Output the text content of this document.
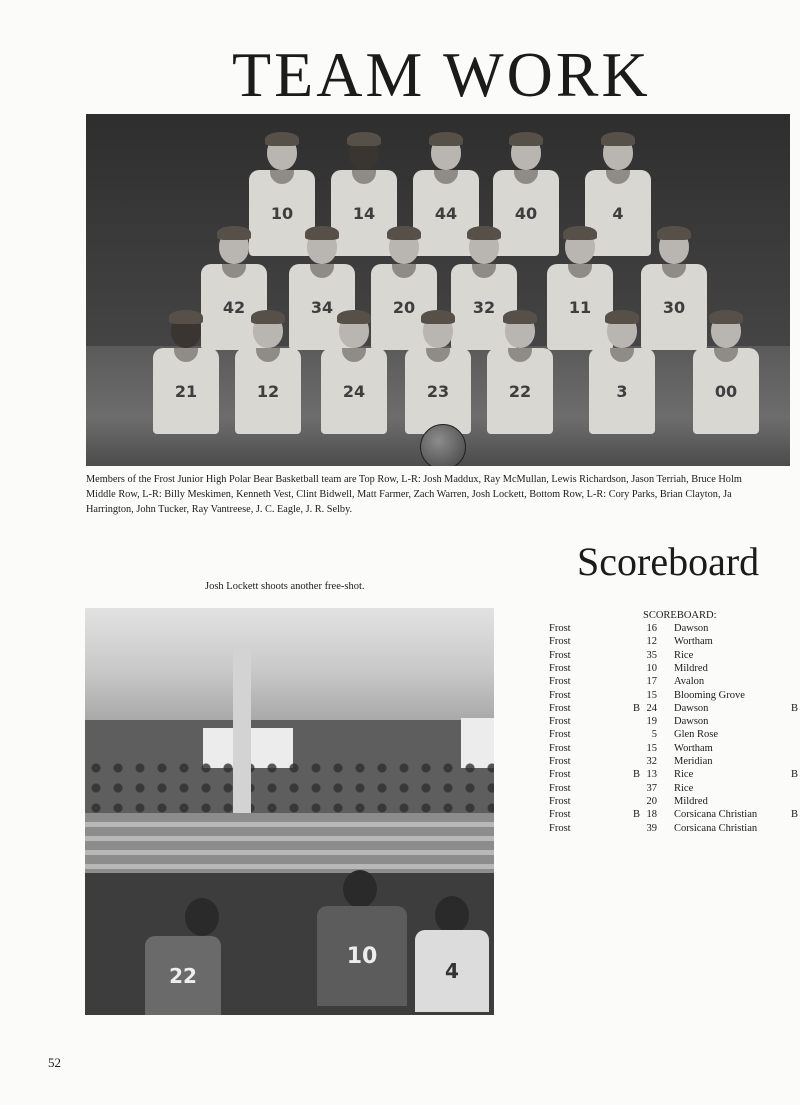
TEAM WORK
10	14	44	40	4
42	34	20	32	11	30
21	12	24	23	22	3	00

Members of the Frost Junior High Polar Bear Basketball team are Top Row, L-R: Josh Maddux, Ray McMullan, Lewis Richardson, Jason Terriah, Bruce Holm
Middle Row, L-R: Billy Meskimen, Kenneth Vest, Clint Bidwell, Matt Farmer, Zach Warren, Josh Lockett, Bottom Row, L-R: Cory Parks, Brian Clayton, Ja
Harrington, John Tucker, Ray Vantreese, J. C. Eagle, J. R. Selby.

Scoreboard
Josh Lockett shoots another free-shot.
22
10
4
SCOREBOARD:
Frost	16 Dawson
Frost	12 Wortham
Frost	35 Rice
Frost	10 Mildred
Frost	17 Avalon
Frost	15 Blooming Grove
Frost	B 24 Dawson	B
Frost	19 Dawson
Frost	5 Glen Rose
Frost	15 Wortham
Frost	32 Meridian
Frost	B 13 Rice	B
Frost	37 Rice
Frost	20 Mildred
Frost	B 18 Corsicana Christian	B
Frost	39 Corsicana Christian
52
